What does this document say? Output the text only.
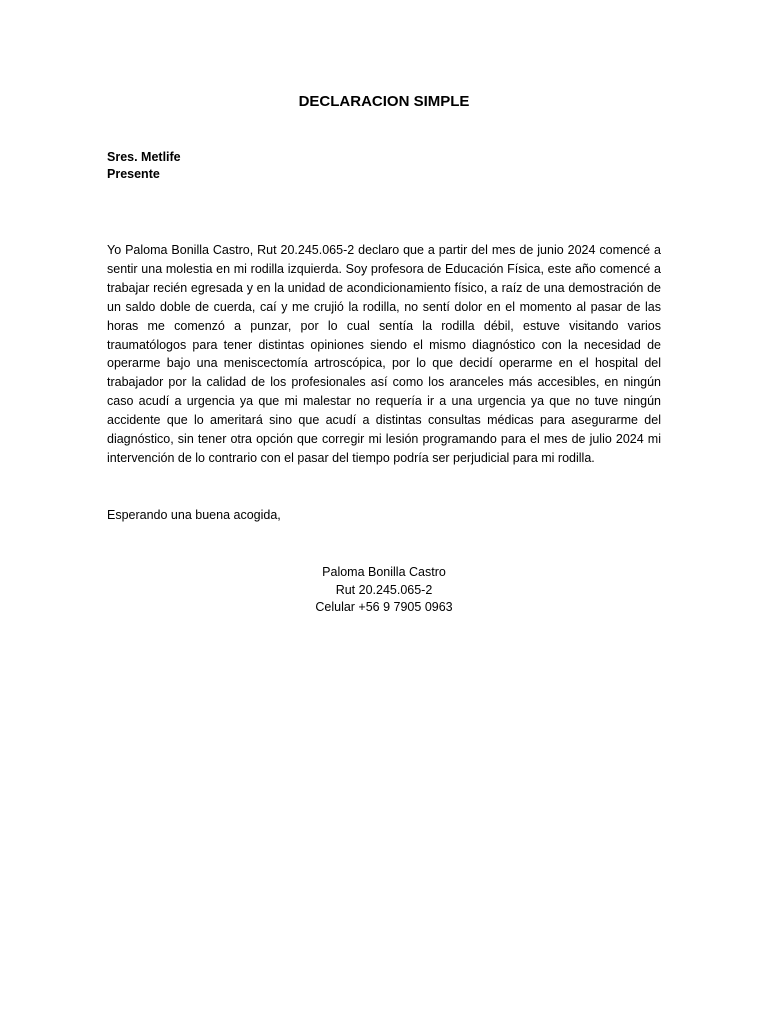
DECLARACION SIMPLE
Sres. Metlife
Presente

Yo Paloma Bonilla Castro, Rut 20.245.065-2 declaro que a partir del mes de junio 2024 comencé a sentir una molestia en mi rodilla izquierda. Soy profesora de Educación Física, este año comencé a trabajar recién egresada y en la unidad de acondicionamiento físico, a raíz de una demostración de un saldo doble de cuerda, caí y me crujió la rodilla, no sentí dolor en el momento al pasar de las horas me comenzó a punzar, por lo cual sentía la rodilla débil, estuve visitando varios traumatólogos para tener distintas opiniones siendo el mismo diagnóstico con la necesidad de operarme bajo una meniscectomía artroscópica, por lo que decidí operarme en el hospital del trabajador por la calidad de los profesionales así como los aranceles más accesibles, en ningún caso acudí a urgencia ya que mi malestar no requería ir a una urgencia ya que no tuve ningún accidente que lo ameritará sino que acudí a distintas consultas médicas para asegurarme del diagnóstico, sin tener otra opción que corregir mi lesión programando para el mes de julio 2024 mi intervención de lo contrario con el pasar del tiempo podría ser perjudicial para mi rodilla.

Esperando una buena acogida,
Paloma Bonilla Castro
Rut 20.245.065-2
Celular +56 9 7905 0963
